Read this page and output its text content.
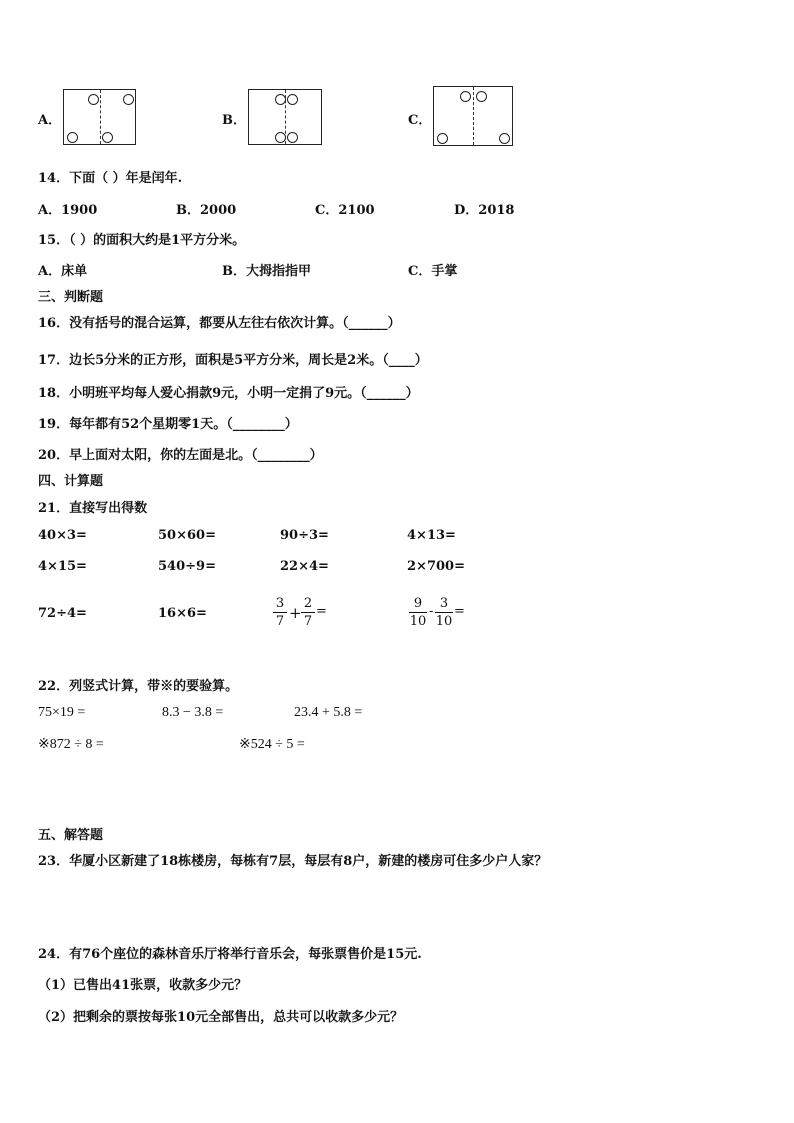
A．	B．	C．
14．下面（ ）年是闰年.
A．1900	B．2000	C．2100	D．2018
15．（ ）的面积大约是1平方分米。
A．床单	B．大拇指指甲	C．手掌
三、判断题
16．没有括号的混合运算，都要从左往右依次计算。（______）
17．边长5分米的正方形，面积是5平方分米，周长是2米。（____）
18．小明班平均每人爱心捐款9元，小明一定捐了9元。（______）
19．每年都有52个星期零1天。（________）
20．早上面对太阳，你的左面是北。（________）
四、计算题
21．直接写出得数
40×3=	50×60=	90÷3=	4×13=
4×15=	540÷9=	22×4=	2×700=
72÷4=	16×6=	$\frac{3}{7} + \frac{2}{7}$ =	$\frac{9}{10} - \frac{3}{10}$ =
22．列竖式计算，带※的要验算。
75×19 =	8.3 − 3.8 =	23.4 + 5.8 =
※872 ÷ 8 =	※524 ÷ 5 =
五、解答题
23．华厦小区新建了18栋楼房，每栋有7层，每层有8户，新建的楼房可住多少户人家？
24．有76个座位的森林音乐厅将举行音乐会，每张票售价是15元.
（1）已售出41张票，收款多少元？
（2）把剩余的票按每张10元全部售出，总共可以收款多少元？
